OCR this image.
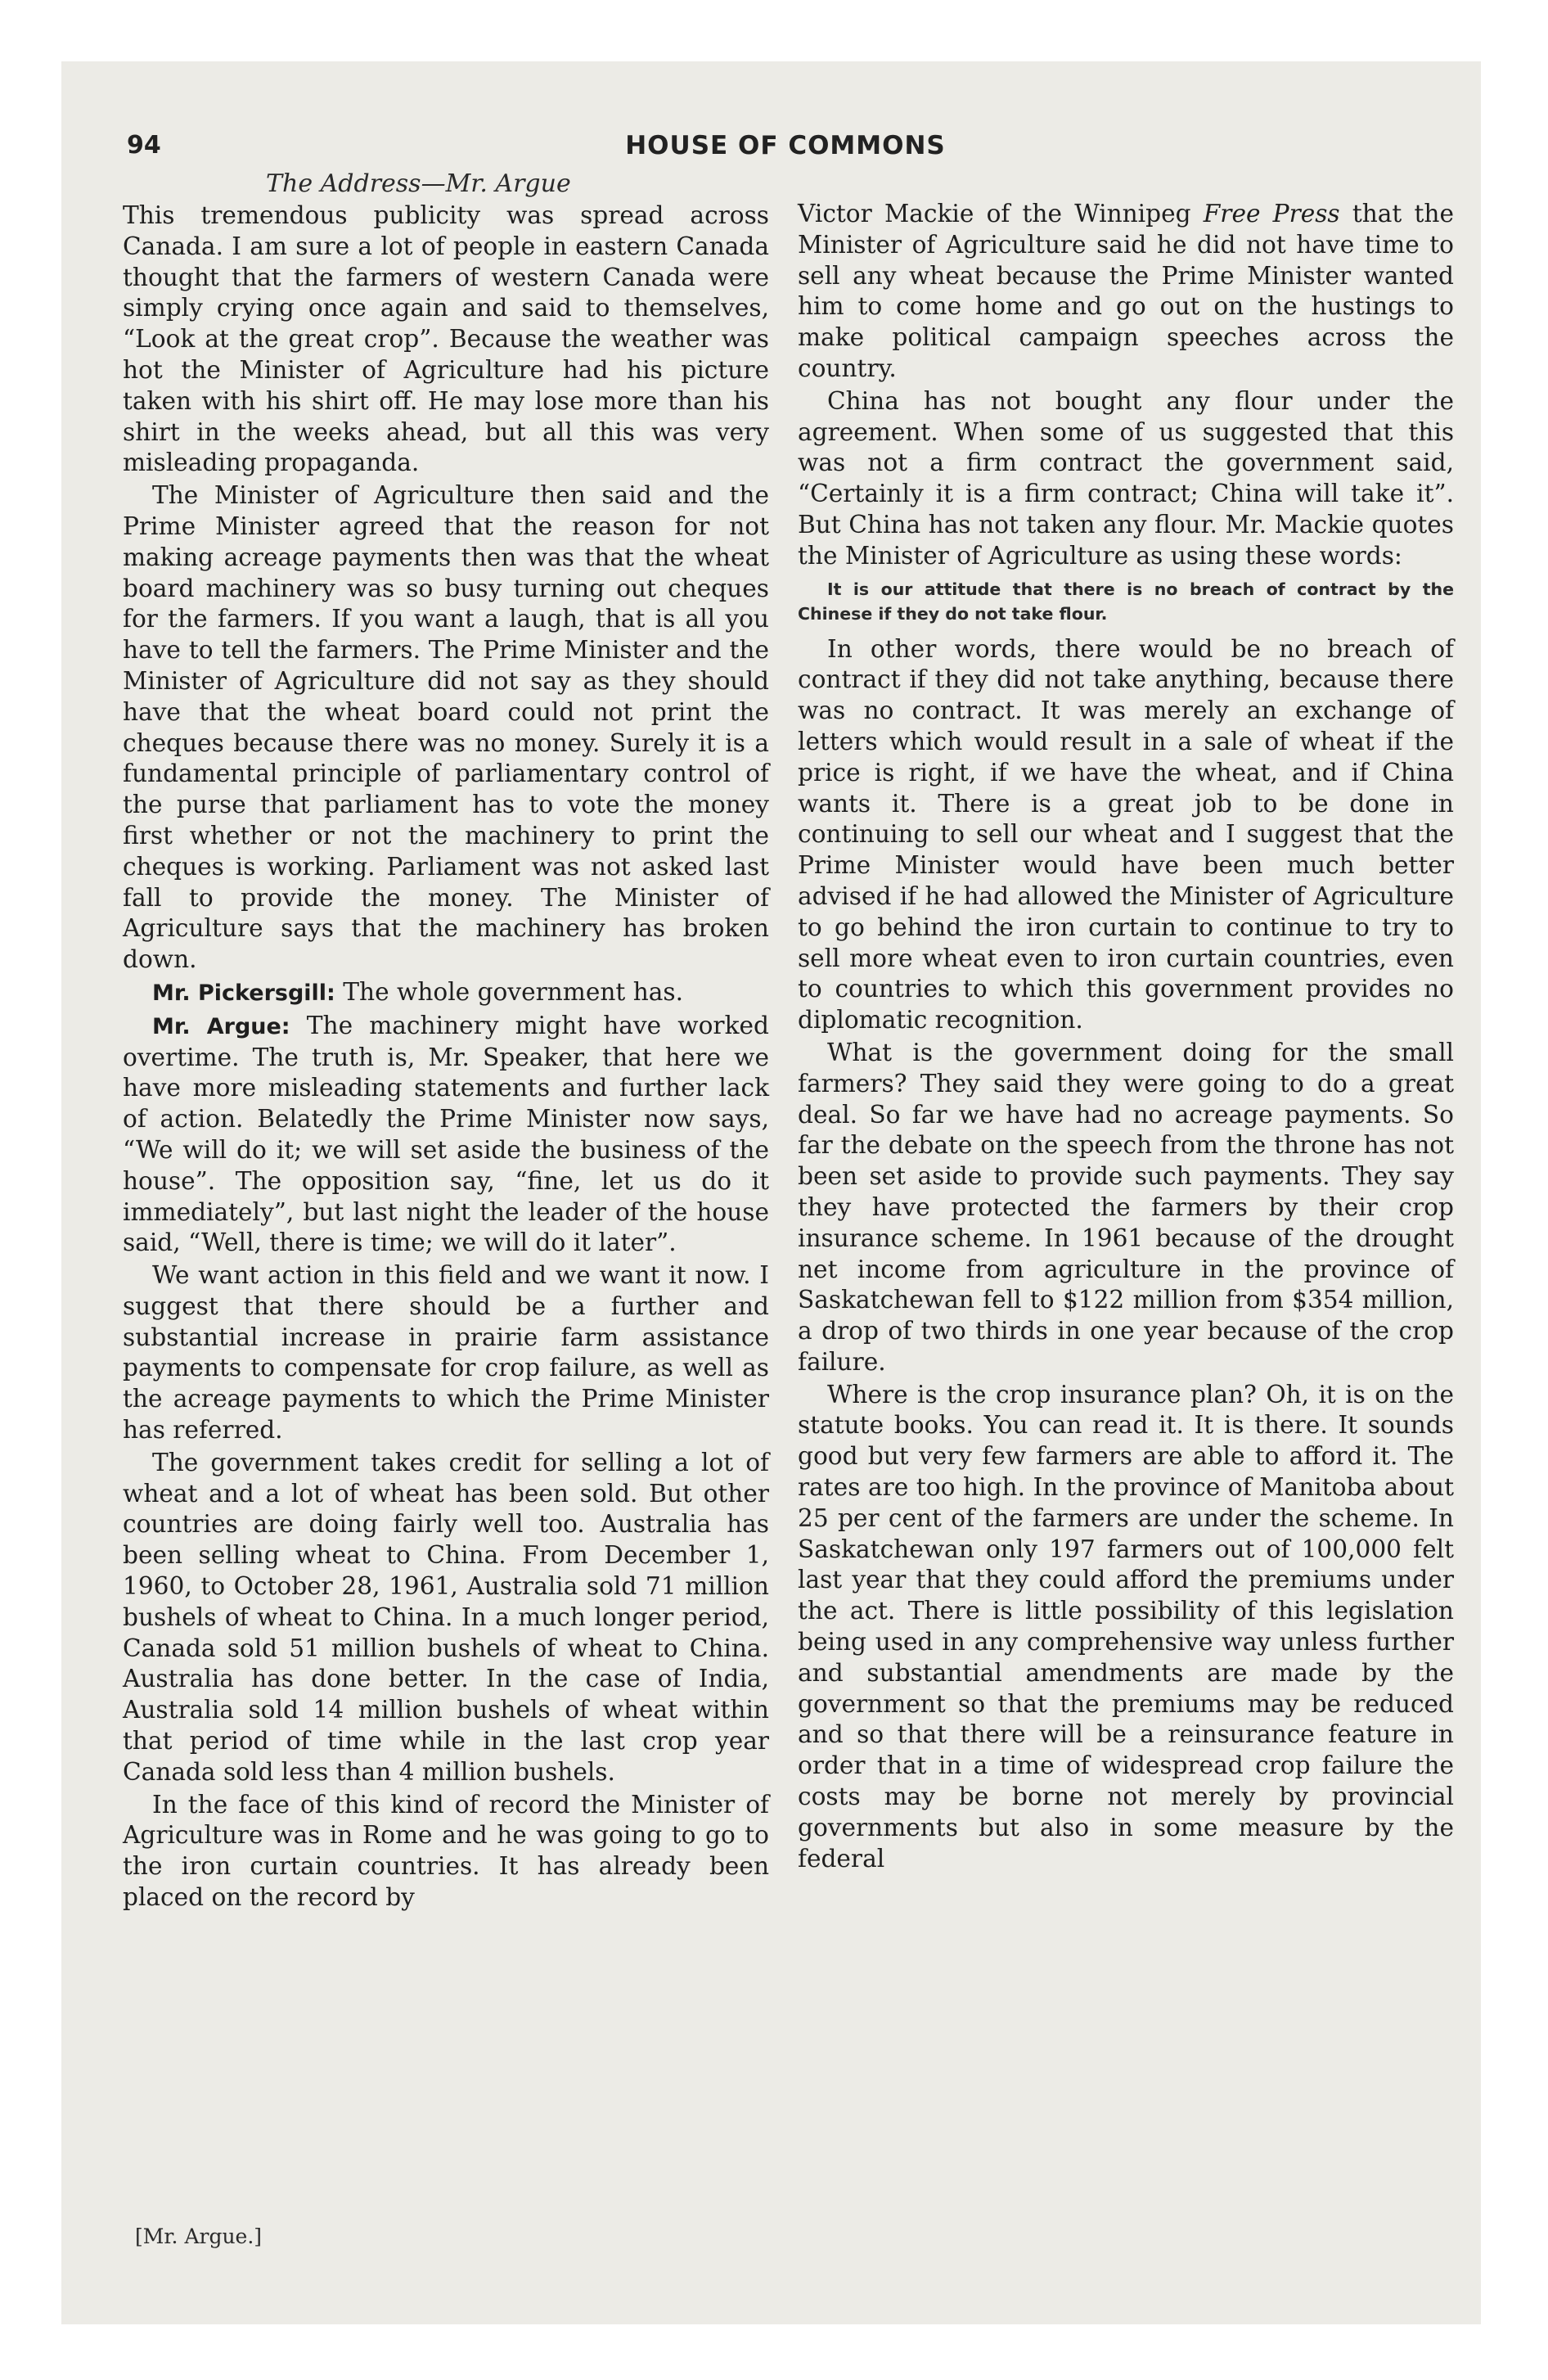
94	HOUSE OF COMMONS
The Address—Mr. Argue

This tremendous publicity was spread across Canada. I am sure a lot of people in eastern Canada thought that the farmers of western Canada were simply crying once again and said to themselves, “Look at the great crop”. Because the weather was hot the Minister of Agriculture had his picture taken with his shirt off. He may lose more than his shirt in the weeks ahead, but all this was very misleading propaganda.

The Minister of Agriculture then said and the Prime Minister agreed that the reason for not making acreage payments then was that the wheat board machinery was so busy turning out cheques for the farmers. If you want a laugh, that is all you have to tell the farmers. The Prime Minister and the Minister of Agriculture did not say as they should have that the wheat board could not print the cheques because there was no money. Surely it is a fundamental principle of parliamentary control of the purse that parliament has to vote the money first whether or not the machinery to print the cheques is working. Parliament was not asked last fall to provide the money. The Minister of Agriculture says that the machinery has broken down.

Mr. Pickersgill: The whole government has.

Mr. Argue: The machinery might have worked overtime. The truth is, Mr. Speaker, that here we have more misleading statements and further lack of action. Belatedly the Prime Minister now says, “We will do it; we will set aside the business of the house”. The opposition say, “fine, let us do it immediately”, but last night the leader of the house said, “Well, there is time; we will do it later”.

We want action in this field and we want it now. I suggest that there should be a further and substantial increase in prairie farm assistance payments to compensate for crop failure, as well as the acreage payments to which the Prime Minister has referred.

The government takes credit for selling a lot of wheat and a lot of wheat has been sold. But other countries are doing fairly well too. Australia has been selling wheat to China. From December 1, 1960, to October 28, 1961, Australia sold 71 million bushels of wheat to China. In a much longer period, Canada sold 51 million bushels of wheat to China. Australia has done better. In the case of India, Australia sold 14 million bushels of wheat within that period of time while in the last crop year Canada sold less than 4 million bushels.

In the face of this kind of record the Minister of Agriculture was in Rome and he was going to go to the iron curtain countries. It has already been placed on the record by

Victor Mackie of the Winnipeg Free Press that the Minister of Agriculture said he did not have time to sell any wheat because the Prime Minister wanted him to come home and go out on the hustings to make political campaign speeches across the country.

China has not bought any flour under the agreement. When some of us suggested that this was not a firm contract the government said, “Certainly it is a firm contract; China will take it”. But China has not taken any flour. Mr. Mackie quotes the Minister of Agriculture as using these words:

It is our attitude that there is no breach of contract by the Chinese if they do not take flour.

In other words, there would be no breach of contract if they did not take anything, because there was no contract. It was merely an exchange of letters which would result in a sale of wheat if the price is right, if we have the wheat, and if China wants it. There is a great job to be done in continuing to sell our wheat and I suggest that the Prime Minister would have been much better advised if he had allowed the Minister of Agriculture to go behind the iron curtain to continue to try to sell more wheat even to iron curtain countries, even to countries to which this government provides no diplomatic recognition.

What is the government doing for the small farmers? They said they were going to do a great deal. So far we have had no acreage payments. So far the debate on the speech from the throne has not been set aside to provide such payments. They say they have protected the farmers by their crop insurance scheme. In 1961 because of the drought net income from agriculture in the province of Saskatchewan fell to $122 million from $354 million, a drop of two thirds in one year because of the crop failure.

Where is the crop insurance plan? Oh, it is on the statute books. You can read it. It is there. It sounds good but very few farmers are able to afford it. The rates are too high. In the province of Manitoba about 25 per cent of the farmers are under the scheme. In Saskatchewan only 197 farmers out of 100,000 felt last year that they could afford the premiums under the act. There is little possibility of this legislation being used in any comprehensive way unless further and substantial amendments are made by the government so that the premiums may be reduced and so that there will be a reinsurance feature in order that in a time of widespread crop failure the costs may be borne not merely by provincial governments but also in some measure by the federal

[Mr. Argue.]
